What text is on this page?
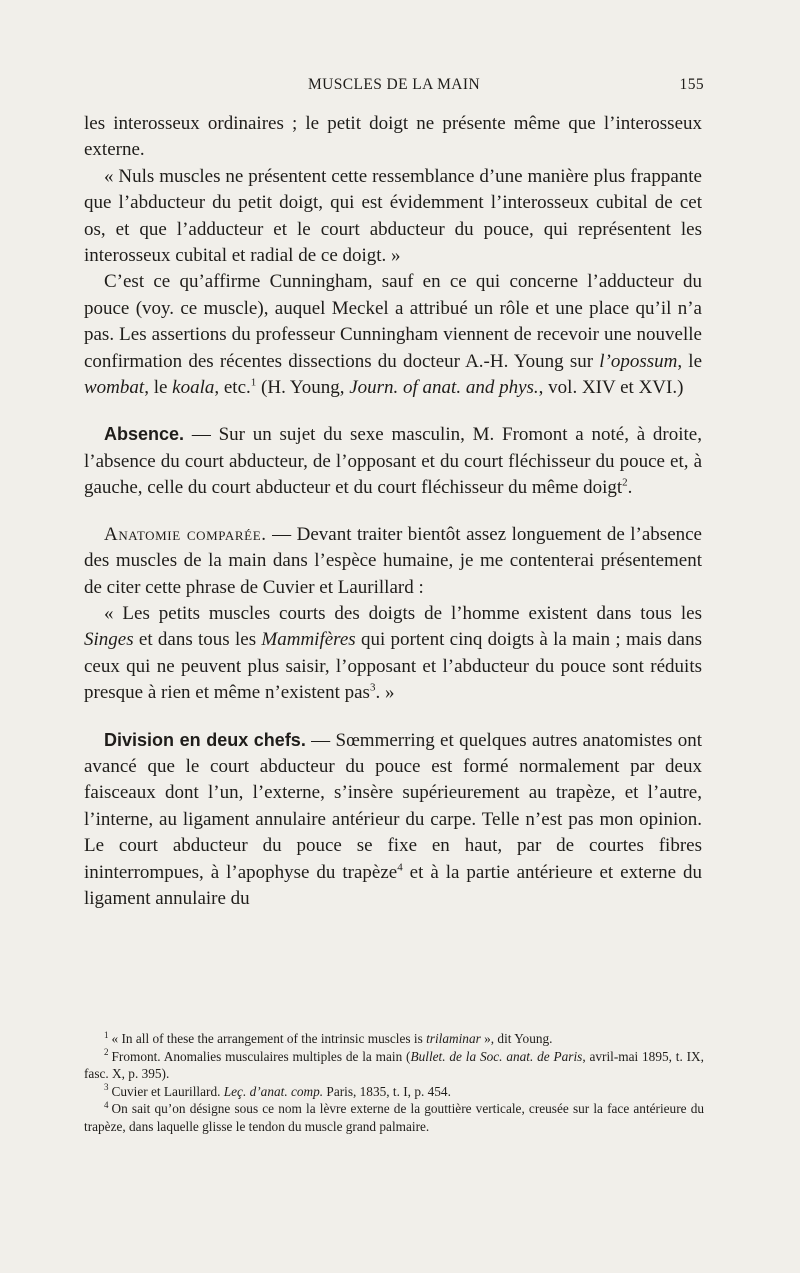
MUSCLES DE LA MAIN	155

les interosseux ordinaires ; le petit doigt ne présente même que l’interosseux externe.

« Nuls muscles ne présentent cette ressemblance d’une manière plus frappante que l’abducteur du petit doigt, qui est évidemment l’interosseux cubital de cet os, et que l’adducteur et le court abducteur du pouce, qui représentent les interosseux cubital et radial de ce doigt. »

C’est ce qu’affirme Cunningham, sauf en ce qui concerne l’adducteur du pouce (voy. ce muscle), auquel Meckel a attribué un rôle et une place qu’il n’a pas. Les assertions du professeur Cunningham viennent de recevoir une nouvelle confirmation des récentes dissections du docteur A.-H. Young sur l’opossum, le wombat, le koala, etc.$^1$ (H. Young, Journ. of anat. and phys., vol. XIV et XVI.)

Absence. — Sur un sujet du sexe masculin, M. Fromont a noté, à droite, l’absence du court abducteur, de l’opposant et du court fléchisseur du pouce et, à gauche, celle du court abducteur et du court fléchisseur du même doigt$^2$.

Anatomie comparée. — Devant traiter bientôt assez longuement de l’absence des muscles de la main dans l’espèce humaine, je me contenterai présentement de citer cette phrase de Cuvier et Laurillard :

« Les petits muscles courts des doigts de l’homme existent dans tous les Singes et dans tous les Mammifères qui portent cinq doigts à la main ; mais dans ceux qui ne peuvent plus saisir, l’opposant et l’abducteur du pouce sont réduits presque à rien et même n’existent pas$^3$. »

Division en deux chefs. — Sœmmerring et quelques autres anatomistes ont avancé que le court abducteur du pouce est formé normalement par deux faisceaux dont l’un, l’externe, s’insère supérieurement au trapèze, et l’autre, l’interne, au ligament annulaire antérieur du carpe. Telle n’est pas mon opinion. Le court abducteur du pouce se fixe en haut, par de courtes fibres ininterrompues, à l’apophyse du trapèze$^4$ et à la partie antérieure et externe du ligament annulaire du

$^1$ « In all of these the arrangement of the intrinsic muscles is trilaminar », dit Young.

$^2$ Fromont. Anomalies musculaires multiples de la main (Bullet. de la Soc. anat. de Paris, avril-mai 1895, t. IX, fasc. X, p. 395).

$^3$ Cuvier et Laurillard. Leç. d’anat. comp. Paris, 1835, t. I, p. 454.

$^4$ On sait qu’on désigne sous ce nom la lèvre externe de la gouttière verticale, creusée sur la face antérieure du trapèze, dans laquelle glisse le tendon du muscle grand palmaire.
